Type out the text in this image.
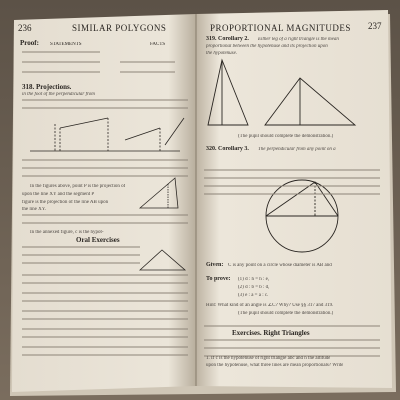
236	SIMILAR POLYGONS
Proof: STATEMENTS	FACTS
318. Projections.
in the foot of the perpendicular from
In the figures above, point P is the projection of
upon the line XY and the segment P
figure is the projection of the line AB upon
the line XY.
In the annexed figure, c is the hypot-
Oral Exercises
PROPORTIONAL MAGNITUDES 237
319. Corollary 2. Either leg of a right triangle is the mean
proportional between the hypotenuse and its projection upon
the hypotenuse.
(The pupil should complete the demonstration.)
320. Corollary 3. The perpendicular from any point on a
Given: C is any point on a circle whose diameter is AB and
To prove: (1) d : h = h : e,
(2) d : b = b : d,
(3) e : a = a : c.
Hint: What kind of an angle is ∠C? Why? Use §§ 317 and 319.
(The pupil should complete the demonstration.)
Exercises. Right Triangles
1. If c is the hypotenuse of right triangle abc and h the altitude
upon the hypotenuse, what three lines are mean proportionals? Write
